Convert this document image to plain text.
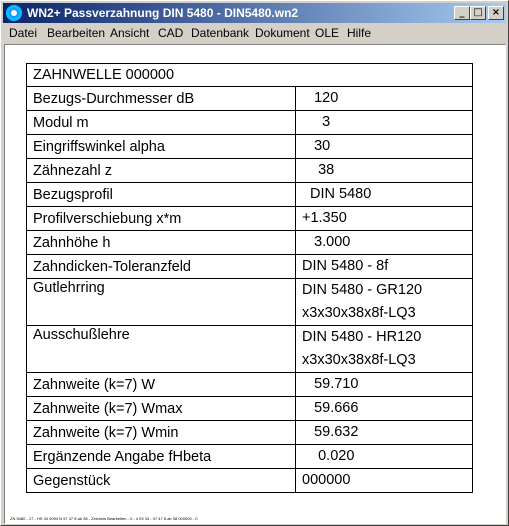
WN2+ Passverzahnung DIN 5480 - DIN5480.wn2	_ □ ×
Datei Bearbeiten Ansicht CAD Datenbank Dokument OLE Hilfe
ZAHNWELLE 000000	
Bezugs-Durchmesser dB	120

Modul m	3

Eingriffswinkel alpha	30

Zähnezahl z	38

Bezugsprofil	DIN 5480

Profilverschiebung x*m	+1.350

Zahnhöhe h	3.000

Zahndicken-Toleranzfeld	DIN 5480 - 8f

Gutlehrring	DIN 5480 - GR120
x3x30x38x8f-LQ3

Ausschußlehre	DIN 5480 - HR120
x3x30x38x8f-LQ3

Zahnweite (k=7) W	59.710

Zahnweite (k=7) Wmax	59.666

Zahnweite (k=7) Wmin	59.632

Ergänzende Angabe fHbeta	0.020

Gegenstück	000000
ZN 5480 - 17 - HS 34 0094 N 97 47 8 ab 38 - Zeichnis Bearbeiten - 0 - 4 03 34 - 07 47 8 ab 38 000000 - 0
